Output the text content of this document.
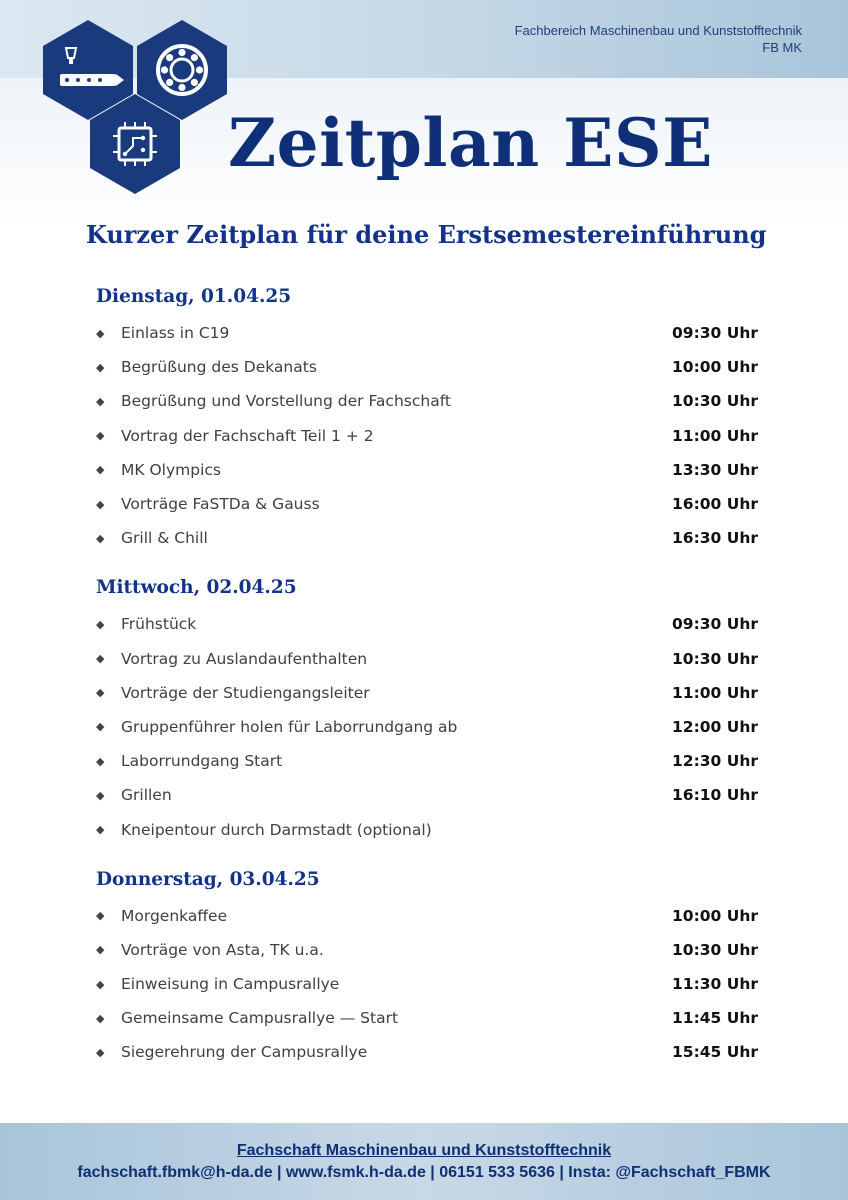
Fachbereich Maschinenbau und Kunststofftechnik
FB MK
Zeitplan ESE
Kurzer Zeitplan für deine Erstsemestereinführung
Dienstag, 01.04.25
◆	Einlass in C19	09:30 Uhr
◆	Begrüßung des Dekanats	10:00 Uhr
◆	Begrüßung und Vorstellung der Fachschaft	10:30 Uhr
◆	Vortrag der Fachschaft Teil 1 + 2	11:00 Uhr
◆	MK Olympics	13:30 Uhr
◆	Vorträge FaSTDa & Gauss	16:00 Uhr
◆	Grill & Chill	16:30 Uhr
Mittwoch, 02.04.25
◆	Frühstück	09:30 Uhr
◆	Vortrag zu Auslandaufenthalten	10:30 Uhr
◆	Vorträge der Studiengangsleiter	11:00 Uhr
◆	Gruppenführer holen für Laborrundgang ab	12:00 Uhr
◆	Laborrundgang Start	12:30 Uhr
◆	Grillen	16:10 Uhr
◆	Kneipentour durch Darmstadt (optional)
Donnerstag, 03.04.25
◆	Morgenkaffee	10:00 Uhr
◆	Vorträge von Asta, TK u.a.	10:30 Uhr
◆	Einweisung in Campusrallye	11:30 Uhr
◆	Gemeinsame Campusrallye — Start	11:45 Uhr
◆	Siegerehrung der Campusrallye	15:45 Uhr
Fachschaft Maschinenbau und Kunststofftechnik
fachschaft.fbmk@h-da.de | www.fsmk.h-da.de | 06151 533 5636 | Insta: @Fachschaft_FBMK
